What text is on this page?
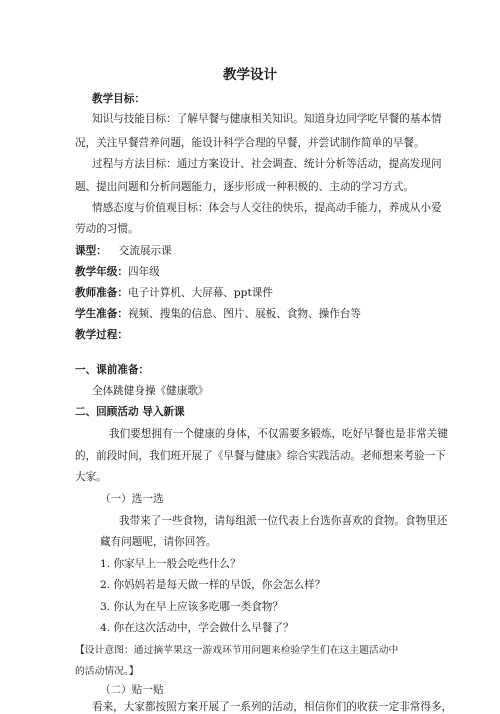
教学设计
教学目标：
知识与技能目标：了解早餐与健康相关知识。知道身边同学吃早餐的基本情
况，关注早餐营养问题，能设计科学合理的早餐，并尝试制作简单的早餐。
过程与方法目标：通过方案设计、社会调查、统计分析等活动，提高发现问
题、提出问题和分析问题能力，逐步形成一种积极的、主动的学习方式。
情感态度与价值观目标：体会与人交往的快乐，提高动手能力，养成从小爱
劳动的习惯。
课型： 交流展示课
教学年级：四年级
教师准备：电子计算机、大屏幕、ppt课件
学生准备：视频、搜集的信息、图片、展板、食物、操作台等
教学过程：
一、课前准备：
全体跳健身操《健康歌》
二、回顾活动 导入新课
我们要想拥有一个健康的身体，不仅需要多锻炼，吃好早餐也是非常关键
的，前段时间，我们班开展了《早餐与健康》综合实践活动。老师想来考验一下
大家。
（一）选一选
我带来了一些食物，请每组派一位代表上台选你喜欢的食物。食物里还
藏有问题呢，请你回答。
1. 你家早上一般会吃些什么？
2. 你妈妈若是每天做一样的早饭，你会怎么样？
3. 你认为在早上应该多吃哪一类食物？
4. 你在这次活动中，学会做什么早餐了？
【设计意图：通过摘苹果这一游戏环节用问题来检验学生们在这主题活动中
的活动情况。】
（二）贴一贴
看来，大家都按照方案开展了一系列的活动，相信你们的收获一定非常得多，
